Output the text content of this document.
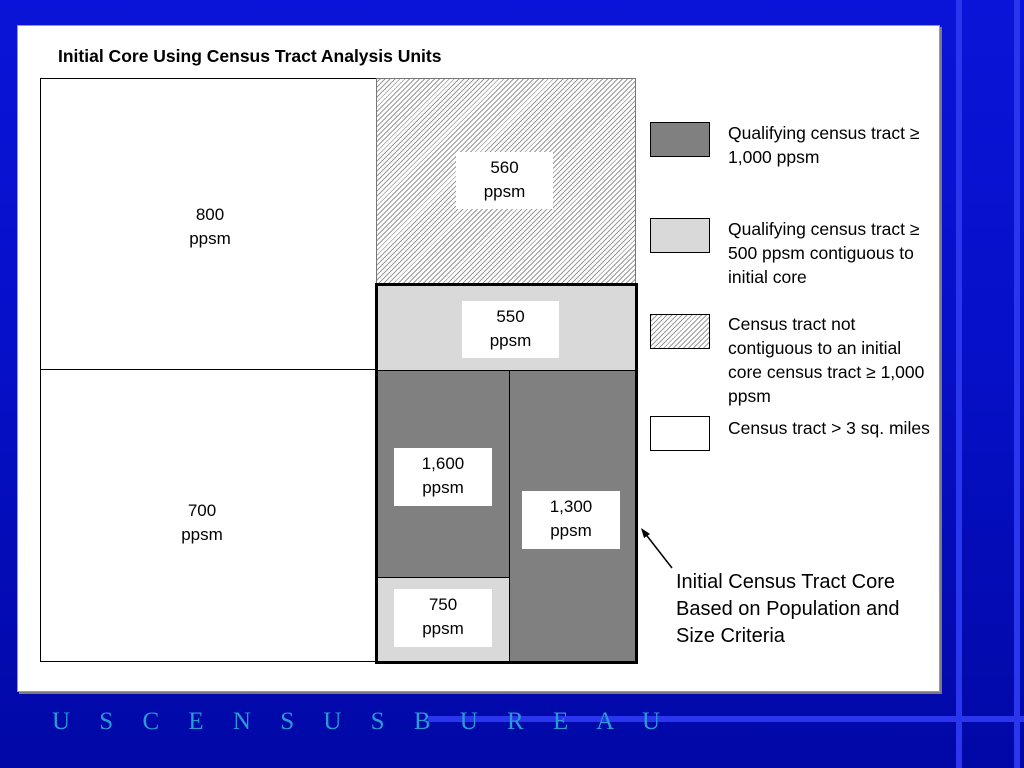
Initial Core Using Census Tract Analysis Units
800
ppsm
700
ppsm
560
ppsm
550
ppsm
1,600
ppsm
750
ppsm
1,300
ppsm
Qualifying census tract ≥ 1,000 ppsm
Qualifying census tract ≥ 500 ppsm contiguous to initial core
Census tract not contiguous to an initial core census tract ≥ 1,000 ppsm
Census tract > 3 sq. miles
Initial Census Tract Core Based on Population and Size Criteria
U S C E N S U S B U R E A U
